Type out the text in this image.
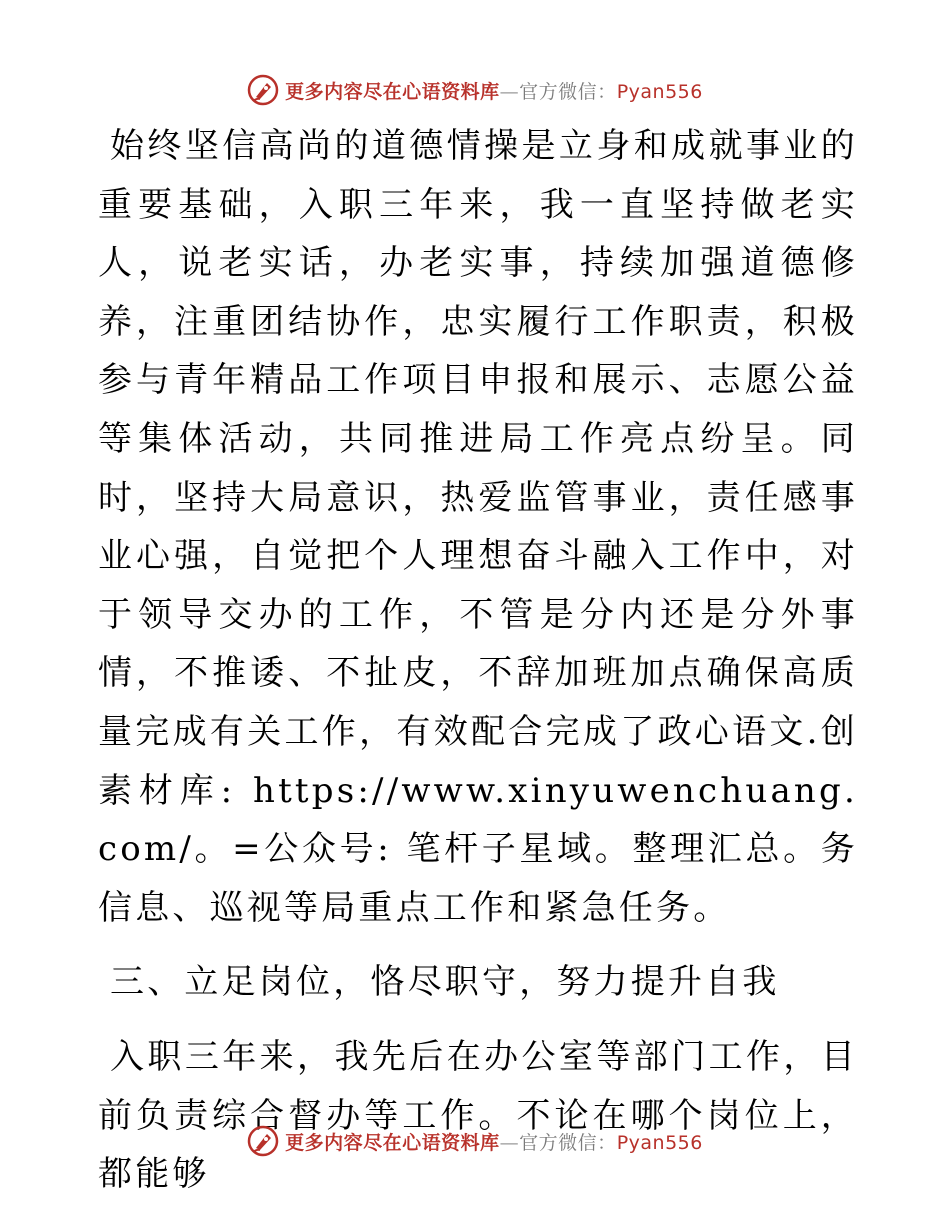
更多内容尽在心语资料库—官方微信：Pyan556

始终坚信高尚的道德情操是立身和成就事业的重要基础，入职三年来，我一直坚持做老实人，说老实话，办老实事，持续加强道德修养，注重团结协作，忠实履行工作职责，积极参与青年精品工作项目申报和展示、志愿公益等集体活动，共同推进局工作亮点纷呈。同时，坚持大局意识，热爱监管事业，责任感事业心强，自觉把个人理想奋斗融入工作中，对于领导交办的工作，不管是分内还是分外事情，不推诿、不扯皮，不辞加班加点确保高质量完成有关工作，有效配合完成了政心语文.创素材库: https://www.xinyuwenchuang.com/。=公众号: 笔杆子星域。整理汇总。务信息、巡视等局重点工作和紧急任务。

三、立足岗位，恪尽职守，努力提升自我

入职三年来，我先后在办公室等部门工作，目前负责综合督办等工作。不论在哪个岗位上，都能够

更多内容尽在心语资料库—官方微信：Pyan556
